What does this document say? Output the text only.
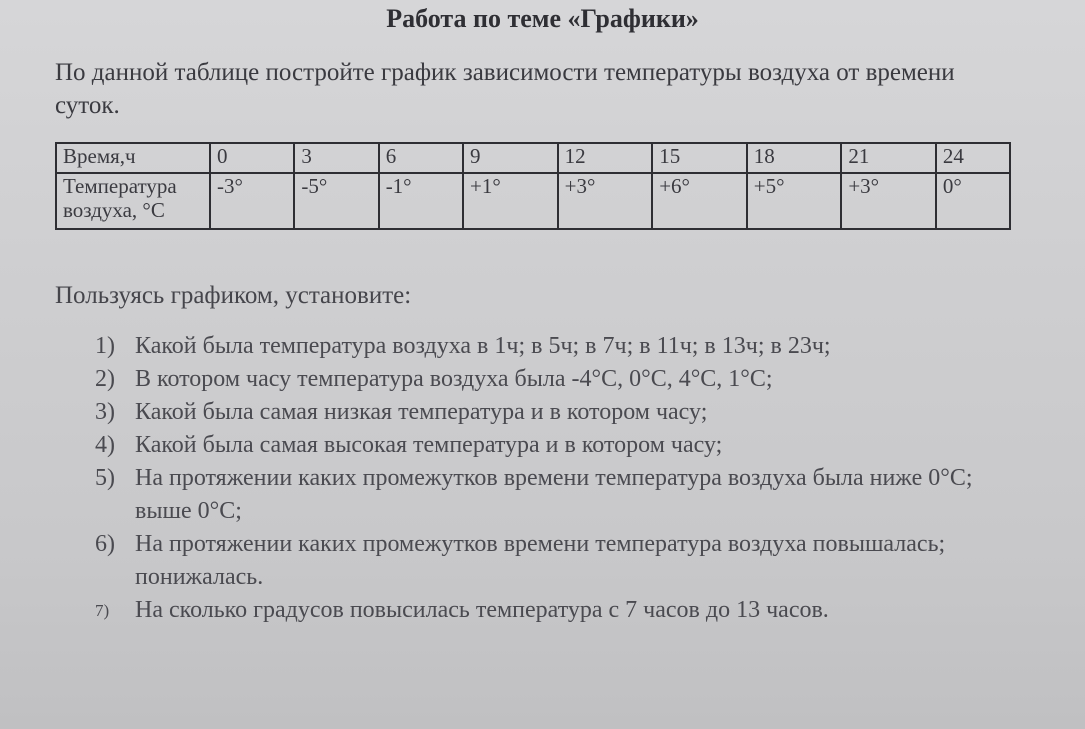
Работа по теме «Графики»
По данной таблице постройте график зависимости температуры воздуха от времени суток.
Время,ч	0	3	6	9	12	15	18	21	24
Температура воздуха, °С	-3°	-5°	-1°	+1°	+3°	+6°	+5°	+3°	0°
Пользуясь графиком, установите:
1) Какой была температура воздуха в 1ч; в 5ч; в 7ч; в 11ч; в 13ч; в 23ч;
2) В котором часу температура воздуха была -4°С, 0°С, 4°С, 1°С;
3) Какой была самая низкая температура и в котором часу;
4) Какой была самая высокая температура и в котором часу;
5) На протяжении каких промежутков времени температура воздуха была ниже 0°С; выше 0°С;
6) На протяжении каких промежутков времени температура воздуха повышалась; понижалась.
7)	На сколько градусов повысилась температура с 7 часов до 13 часов.
